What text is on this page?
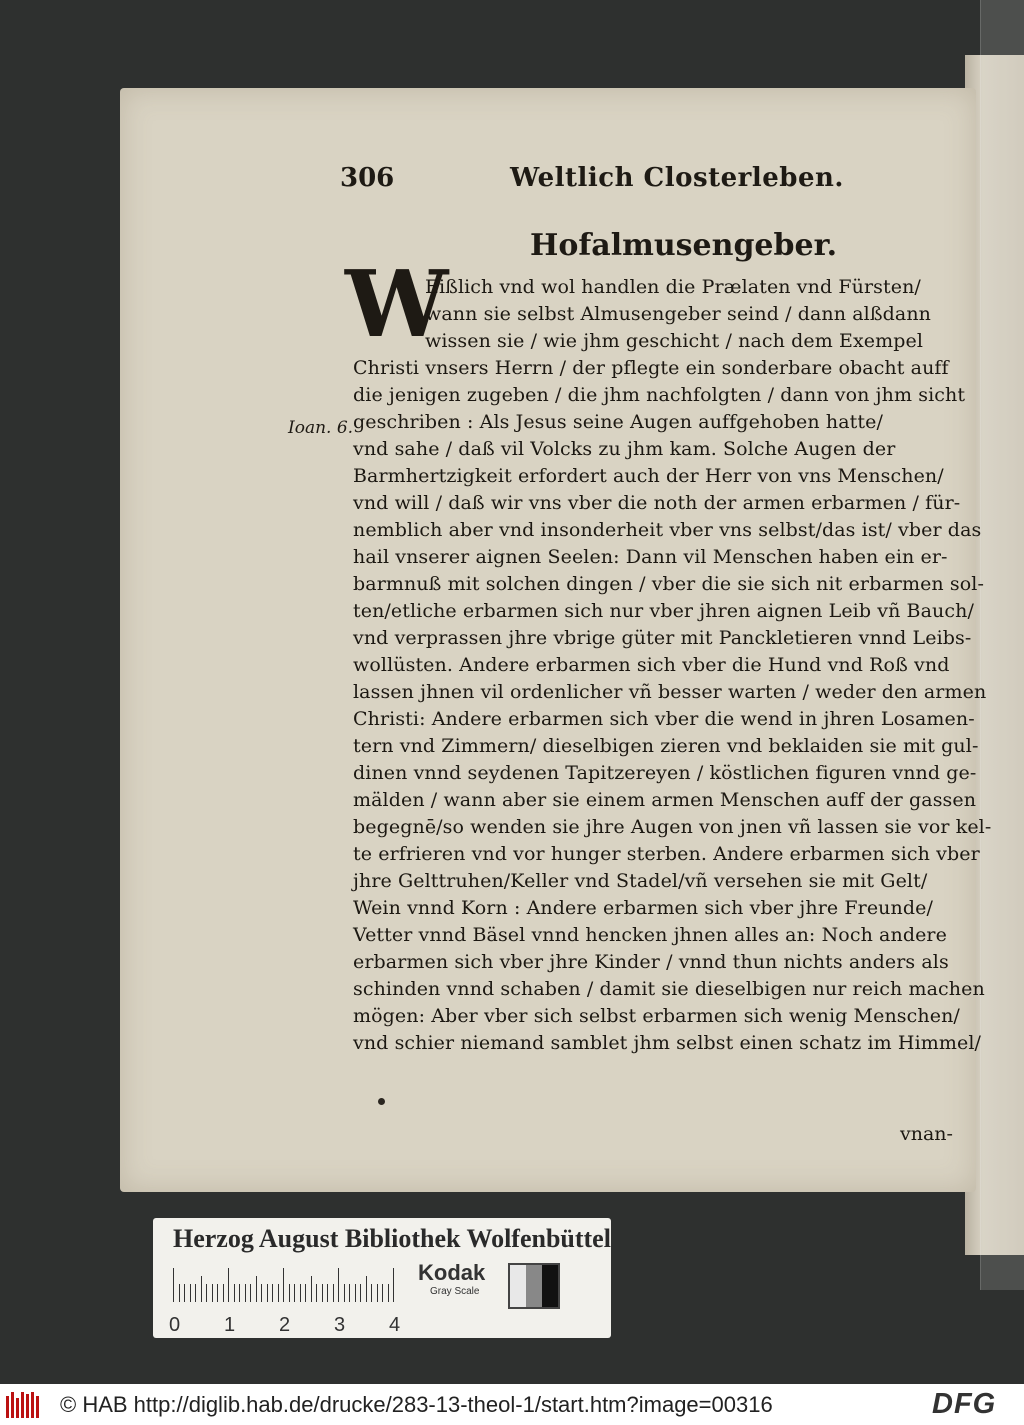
306	Weltlich Closterleben.
Hofalmusengeber.
Ioan. 6.
W
Eißlich vnd wol handlen die Prælaten vnd Fürsten/
wann sie selbst Almusengeber seind / dann alßdann
wissen sie / wie jhm geschicht / nach dem Exempel
Christi vnsers Herrn / der pflegte ein sonderbare obacht auff
die jenigen zugeben / die jhm nachfolgten / dann von jhm sicht
geschriben : Als Jesus seine Augen auffgehoben hatte/
vnd sahe / daß vil Volcks zu jhm kam. Solche Augen der
Barmhertzigkeit erfordert auch der Herr von vns Menschen/
vnd will / daß wir vns vber die noth der armen erbarmen / für-
nemblich aber vnd insonderheit vber vns selbst/das ist/ vber das
hail vnserer aignen Seelen: Dann vil Menschen haben ein er-
barmnuß mit solchen dingen / vber die sie sich nit erbarmen sol-
ten/etliche erbarmen sich nur vber jhren aignen Leib vñ Bauch/
vnd verprassen jhre vbrige güter mit Panckletieren vnnd Leibs-
wollüsten. Andere erbarmen sich vber die Hund vnd Roß vnd
lassen jhnen vil ordenlicher vñ besser warten / weder den armen
Christi: Andere erbarmen sich vber die wend in jhren Losamen-
tern vnd Zimmern/ dieselbigen zieren vnd beklaiden sie mit gul-
dinen vnnd seydenen Tapitzereyen / köstlichen figuren vnnd ge-
mälden / wann aber sie einem armen Menschen auff der gassen
begegnē/so wenden sie jhre Augen von jnen vñ lassen sie vor kel-
te erfrieren vnd vor hunger sterben. Andere erbarmen sich vber
jhre Gelttruhen/Keller vnd Stadel/vñ versehen sie mit Gelt/
Wein vnnd Korn : Andere erbarmen sich vber jhre Freunde/
Vetter vnnd Bäsel vnnd hencken jhnen alles an: Noch andere
erbarmen sich vber jhre Kinder / vnnd thun nichts anders als
schinden vnnd schaben / damit sie dieselbigen nur reich machen
mögen: Aber vber sich selbst erbarmen sich wenig Menschen/
vnd schier niemand samblet jhm selbst einen schatz im Himmel/
vnan-
Herzog August Bibliothek Wolfenbüttel
0 1 2 3 4
Kodak
Gray Scale
© HAB http://diglib.hab.de/drucke/283-13-theol-1/start.htm?image=00316	DFG
